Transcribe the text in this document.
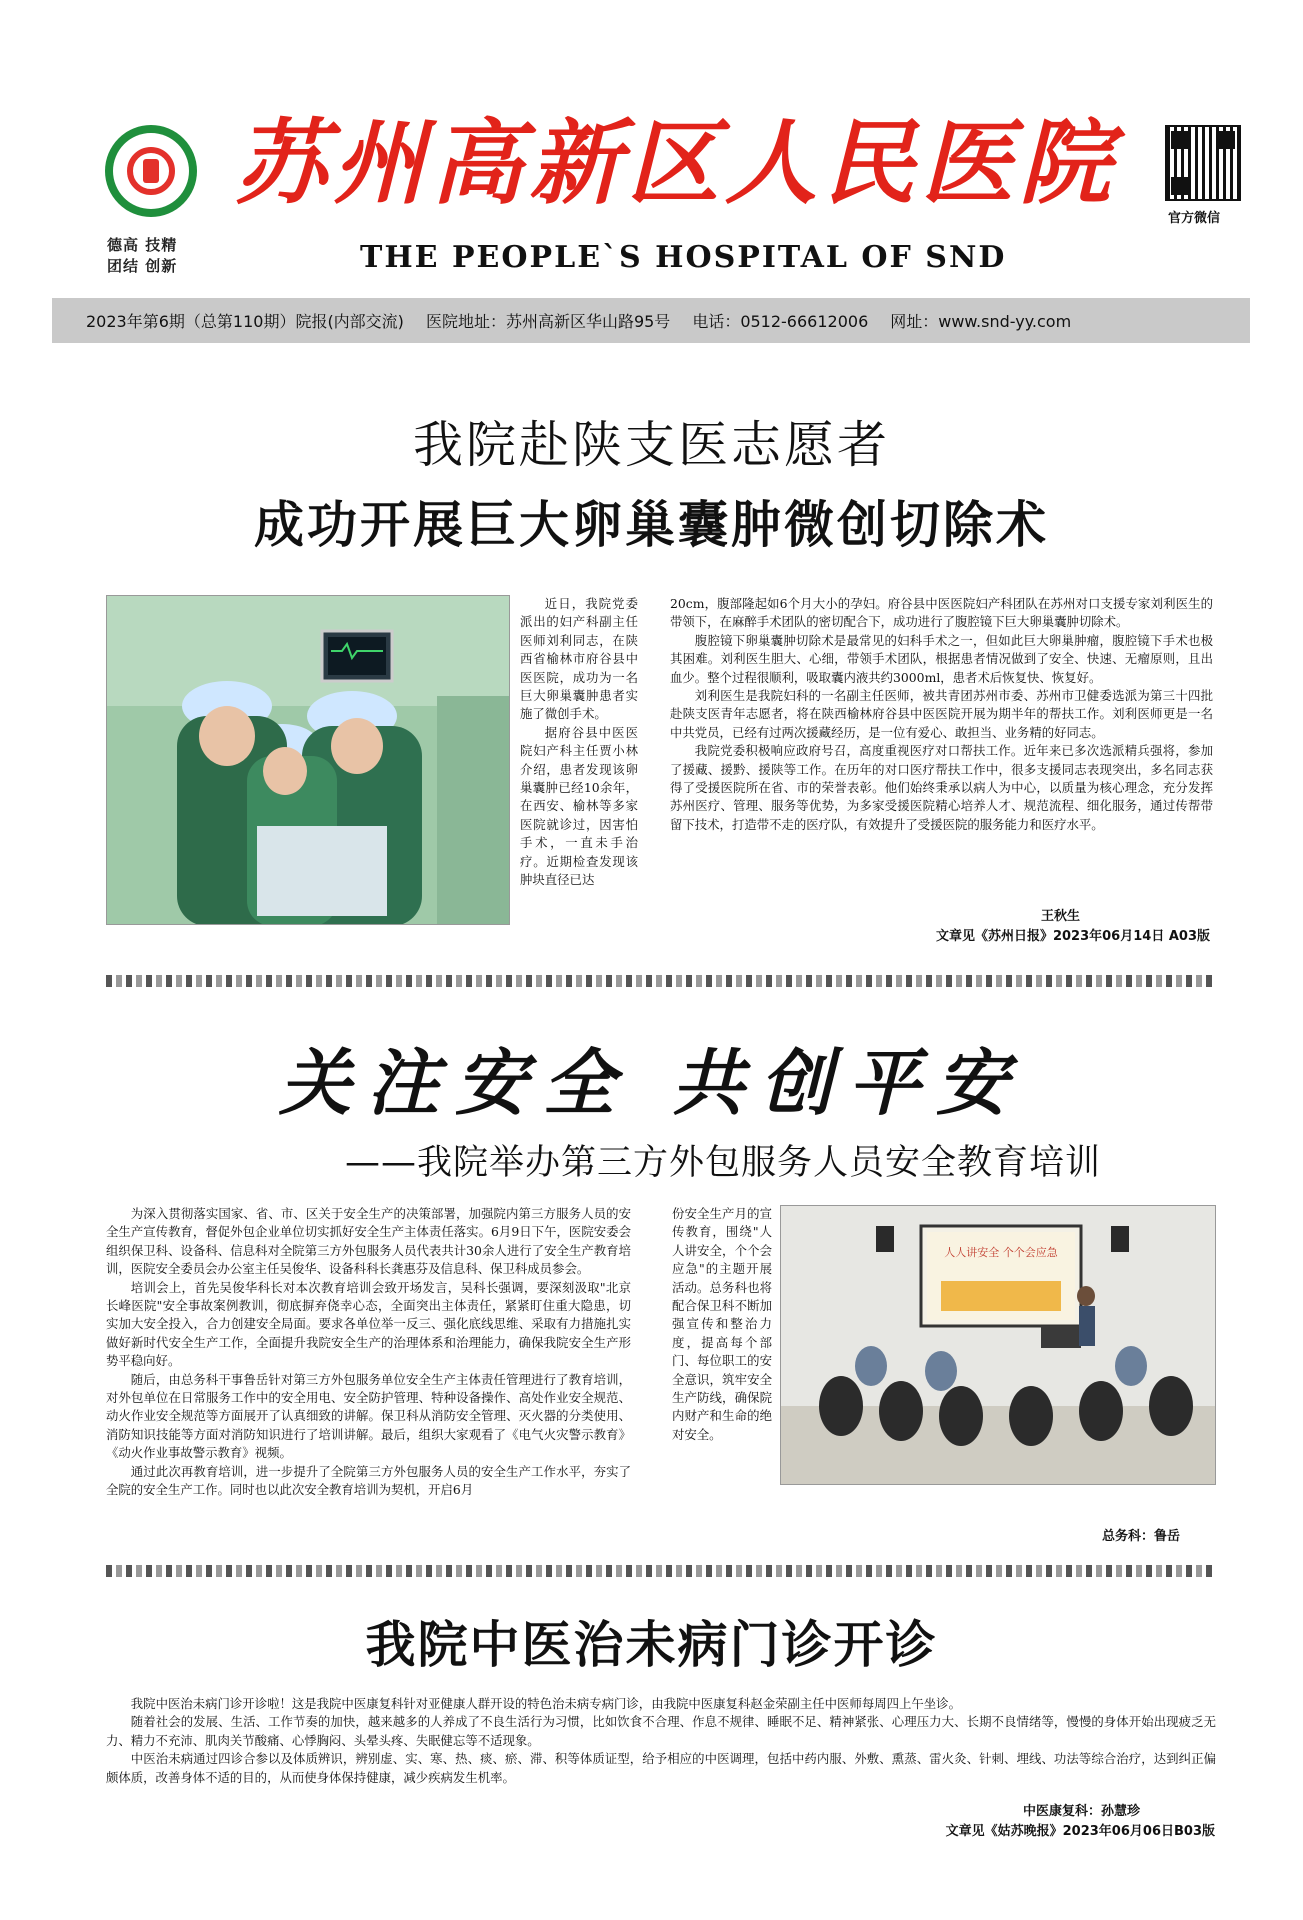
德高 技精
团结 创新
苏州高新区人民医院
THE PEOPLE`S HOSPITAL OF SND
官方微信
2023年第6期（总第110期）院报(内部交流) 医院地址：苏州高新区华山路95号 电话：0512-66612006 网址：www.snd-yy.com
我院赴陕支医志愿者
成功开展巨大卵巢囊肿微创切除术

近日，我院党委派出的妇产科副主任医师刘利同志，在陕西省榆林市府谷县中医医院，成功为一名巨大卵巢囊肿患者实施了微创手术。

据府谷县中医医院妇产科主任贾小林介绍，患者发现该卵巢囊肿已经10余年，在西安、榆林等多家医院就诊过，因害怕手术，一直未手治疗。近期检查发现该肿块直径已达

20cm，腹部隆起如6个月大小的孕妇。府谷县中医医院妇产科团队在苏州对口支援专家刘利医生的带领下，在麻醉手术团队的密切配合下，成功进行了腹腔镜下巨大卵巢囊肿切除术。

腹腔镜下卵巢囊肿切除术是最常见的妇科手术之一，但如此巨大卵巢肿瘤，腹腔镜下手术也极其困难。刘利医生胆大、心细，带领手术团队，根据患者情况做到了安全、快速、无瘤原则，且出血少。整个过程很顺利，吸取囊内液共约3000ml，患者术后恢复快、恢复好。

刘利医生是我院妇科的一名副主任医师，被共青团苏州市委、苏州市卫健委选派为第三十四批赴陕支医青年志愿者，将在陕西榆林府谷县中医医院开展为期半年的帮扶工作。刘利医师更是一名中共党员，已经有过两次援藏经历，是一位有爱心、敢担当、业务精的好同志。

我院党委积极响应政府号召，高度重视医疗对口帮扶工作。近年来已多次选派精兵强将，参加了援藏、援黔、援陕等工作。在历年的对口医疗帮扶工作中，很多支援同志表现突出，多名同志获得了受援医院所在省、市的荣誉表彰。他们始终秉承以病人为中心，以质量为核心理念，充分发挥苏州医疗、管理、服务等优势，为多家受援医院精心培养人才、规范流程、细化服务，通过传帮带留下技术，打造带不走的医疗队，有效提升了受援医院的服务能力和医疗水平。

王秋生
文章见《苏州日报》2023年06月14日 A03版
关注安全 共创平安
——我院举办第三方外包服务人员安全教育培训

为深入贯彻落实国家、省、市、区关于安全生产的决策部署，加强院内第三方服务人员的安全生产宣传教育，督促外包企业单位切实抓好安全生产主体责任落实。6月9日下午，医院安委会组织保卫科、设备科、信息科对全院第三方外包服务人员代表共计30余人进行了安全生产教育培训，医院安全委员会办公室主任吴俊华、设备科科长龚惠芬及信息科、保卫科成员参会。

培训会上，首先吴俊华科长对本次教育培训会致开场发言，吴科长强调，要深刻汲取"北京长峰医院"安全事故案例教训，彻底摒弃侥幸心态，全面突出主体责任，紧紧盯住重大隐患，切实加大安全投入，合力创建安全局面。要求各单位举一反三、强化底线思维、采取有力措施扎实做好新时代安全生产工作，全面提升我院安全生产的治理体系和治理能力，确保我院安全生产形势平稳向好。

随后，由总务科干事鲁岳针对第三方外包服务单位安全生产主体责任管理进行了教育培训，对外包单位在日常服务工作中的安全用电、安全防护管理、特种设备操作、高处作业安全规范、动火作业安全规范等方面展开了认真细致的讲解。保卫科从消防安全管理、灭火器的分类使用、消防知识技能等方面对消防知识进行了培训讲解。最后，组织大家观看了《电气火灾警示教育》《动火作业事故警示教育》视频。

通过此次再教育培训，进一步提升了全院第三方外包服务人员的安全生产工作水平，夯实了全院的安全生产工作。同时也以此次安全教育培训为契机，开启6月

份安全生产月的宣传教育，围绕"人人讲安全，个个会应急"的主题开展活动。总务科也将配合保卫科不断加强宣传和整治力度，提高每个部门、每位职工的安全意识，筑牢安全生产防线，确保院内财产和生命的绝对安全。

人人讲安全 个个会应急
总务科：鲁岳
我院中医治未病门诊开诊

我院中医治未病门诊开诊啦！这是我院中医康复科针对亚健康人群开设的特色治未病专病门诊，由我院中医康复科赵金荣副主任中医师每周四上午坐诊。

随着社会的发展、生活、工作节奏的加快，越来越多的人养成了不良生活行为习惯，比如饮食不合理、作息不规律、睡眠不足、精神紧张、心理压力大、长期不良情绪等，慢慢的身体开始出现疲乏无力、精力不充沛、肌肉关节酸痛、心悸胸闷、头晕头疼、失眠健忘等不适现象。

中医治未病通过四诊合参以及体质辨识，辨别虚、实、寒、热、痰、瘀、滞、积等体质证型，给予相应的中医调理，包括中药内服、外敷、熏蒸、雷火灸、针刺、埋线、功法等综合治疗，达到纠正偏颇体质，改善身体不适的目的，从而使身体保持健康，减少疾病发生机率。

中医康复科：孙慧珍
文章见《姑苏晚报》2023年06月06日B03版
